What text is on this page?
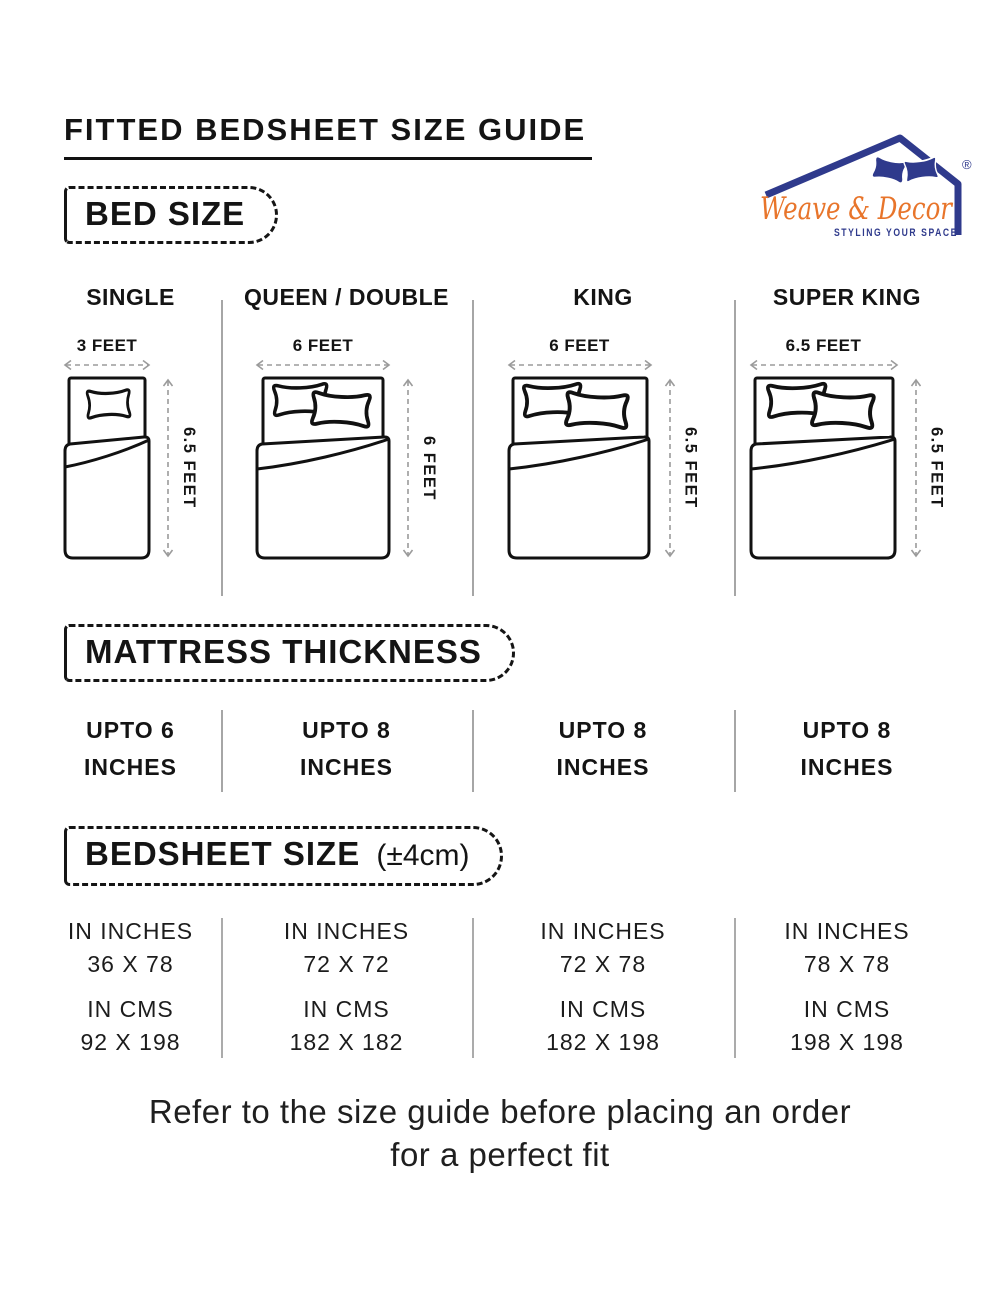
Weave & Decor
STYLING YOUR SPACE
®
FITTED BEDSHEET SIZE GUIDE
BED SIZE
SINGLE
3 FEET
6.5 FEET
QUEEN / DOUBLE
6 FEET
6 FEET
KING
6 FEET
6.5 FEET
SUPER KING
6.5 FEET
6.5 FEET
MATTRESS THICKNESS
UPTO 6
INCHES
UPTO 8
INCHES
UPTO 8
INCHES
UPTO 8
INCHES
BEDSHEET SIZE (±4cm)
IN INCHES
36 X 78
IN CMS
92 X 198
IN INCHES
72 X 72
IN CMS
182 X 182
IN INCHES
72 X 78
IN CMS
182 X 198
IN INCHES
78 X 78
IN CMS
198 X 198
Refer to the size guide before placing an order
for a perfect fit
